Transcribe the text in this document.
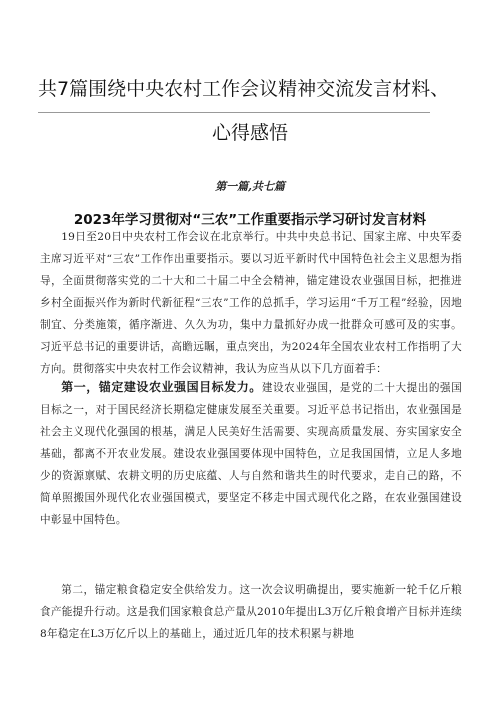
共7篇围绕中央农村工作会议精神交流发言材料、
心得感悟
第一篇,共七篇
2023年学习贯彻对“三农”工作重要指示学习研讨发言材料

19日至20日中央农村工作会议在北京举行。中共中央总书记、国家主席、中央军委主席习近平对“三农”工作作出重要指示。要以习近平新时代中国特色社会主义思想为指导，全面贯彻落实党的二十大和二十届二中全会精神，锚定建设农业强国目标，把推进乡村全面振兴作为新时代新征程“三农”工作的总抓手，学习运用“千万工程”经验，因地制宜、分类施策，循序渐进、久久为功，集中力量抓好办成一批群众可感可及的实事。习近平总书记的重要讲话，高瞻远瞩，重点突出，为2024年全国农业农村工作指明了大方向。贯彻落实中央农村工作会议精神，我认为应当从以下几方面着手：

第一，锚定建设农业强国目标发力。建设农业强国，是党的二十大提出的强国目标之一，对于国民经济长期稳定健康发展至关重要。习近平总书记指出，农业强国是社会主义现代化强国的根基，满足人民美好生活需要、实现高质量发展、夯实国家安全基础，都离不开农业发展。建设农业强国要体现中国特色，立足我国国情，立足人多地少的资源禀赋、农耕文明的历史底蕴、人与自然和谐共生的时代要求，走自己的路，不简单照搬国外现代化农业强国模式，要坚定不移走中国式现代化之路，在农业强国建设中彰显中国特色。

第二，锚定粮食稳定安全供给发力。这一次会议明确提出，要实施新一轮千亿斤粮食产能提升行动。这是我们国家粮食总产量从2010年提出L3万亿斤粮食增产目标并连续8年稳定在L3万亿斤以上的基础上，通过近几年的技术积累与耕地
